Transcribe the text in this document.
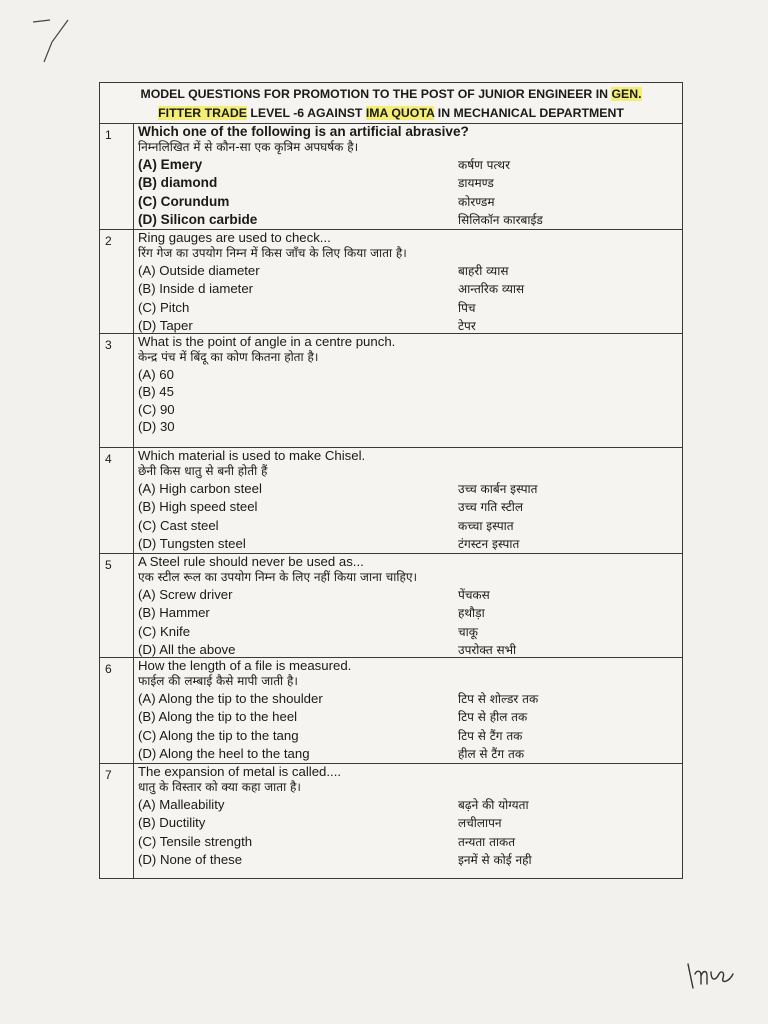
MODEL QUESTIONS FOR PROMOTION TO THE POST OF JUNIOR ENGINEER IN GEN.
FITTER TRADE LEVEL -6 AGAINST IMA QUOTA IN MECHANICAL DEPARTMENT
1	Which one of the following is an artificial abrasive?
निम्नलिखित में से कौन-सा एक कृत्रिम अपघर्षक है।
(A) Emery	कर्षण पत्थर
(B) diamond	डायमण्ड
(C) Corundum	कोरण्डम
(D) Silicon carbide	सिलिकॉन कारबाईड
2	Ring gauges are used to check...
रिंग गेज का उपयोग निम्न में किस जाँच के लिए किया जाता है।
(A) Outside diameter	बाहरी व्यास
(B) Inside d iameter	आन्तरिक व्यास
(C) Pitch	पिच
(D) Taper	टेपर
3	What is the point of angle in a centre punch.
केन्द्र पंच में बिंदू का कोण कितना होता है।
(A) 60
(B) 45
(C) 90
(D) 30
4	Which material is used to make Chisel.
छेनी किस धातु से बनी होती हैं
(A) High carbon steel	उच्च कार्बन इस्पात
(B) High speed steel	उच्च गति स्टील
(C) Cast steel	कच्चा इस्पात
(D) Tungsten steel	टंगस्टन इस्पात
5	A Steel rule should never be used as...
एक स्टील रूल का उपयोग निम्न के लिए नहीं किया जाना चाहिए।
(A) Screw driver	पेंचकस
(B) Hammer	हथौड़ा
(C) Knife	चाकू
(D) All the above	उपरोक्त सभी
6	How the length of a file is measured.
फाईल की लम्बाई कैसे मापी जाती है।
(A) Along the tip to the shoulder	टिप से शोल्डर तक
(B) Along the tip to the heel	टिप से हील तक
(C) Along the tip to the tang	टिप से टैंग तक
(D) Along the heel to the tang	हील से टैंग तक
7	The expansion of metal is called....
धातु के विस्तार को क्या कहा जाता है।
(A) Malleability	बढ़ने की योग्यता
(B) Ductility	लचीलापन
(C) Tensile strength	तन्यता ताकत
(D) None of these	इनमें से कोई नही
